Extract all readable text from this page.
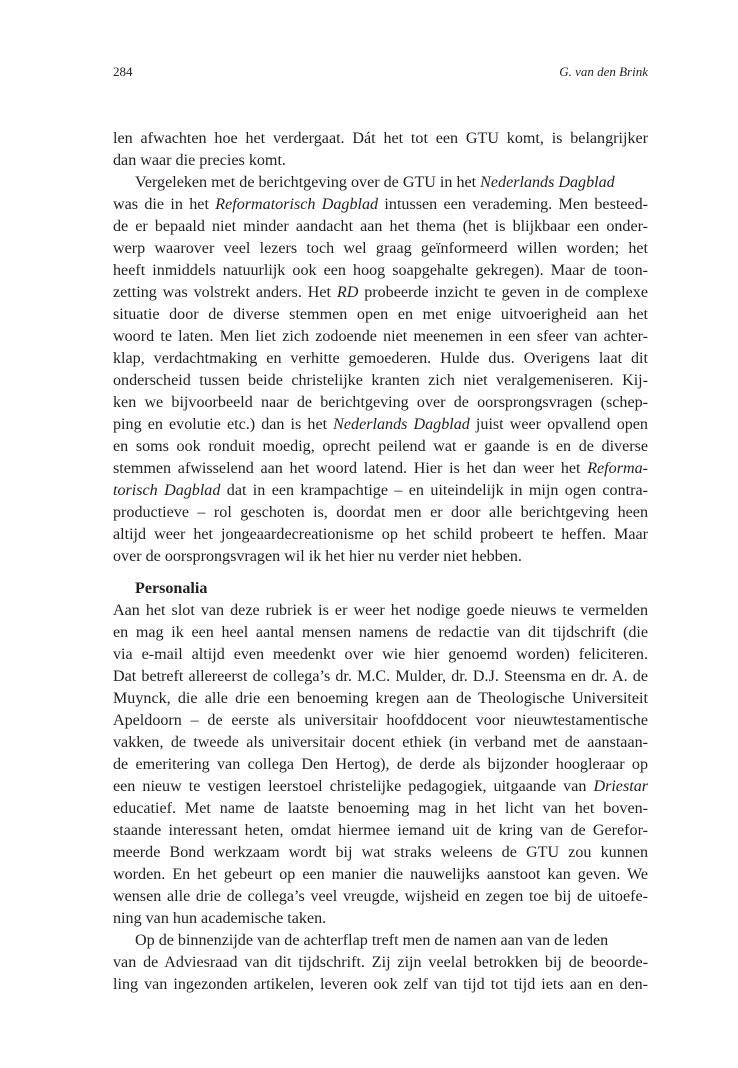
284	G. van den Brink
len afwachten hoe het verdergaat. Dát het tot een GTU komt, is belangrijker
dan waar die precies komt.
Vergeleken met de berichtgeving over de GTU in het Nederlands Dagblad
was die in het Reformatorisch Dagblad intussen een verademing. Men besteed-
de er bepaald niet minder aandacht aan het thema (het is blijkbaar een onder-
werp waarover veel lezers toch wel graag geïnformeerd willen worden; het
heeft inmiddels natuurlijk ook een hoog soapgehalte gekregen). Maar de toon-
zetting was volstrekt anders. Het RD probeerde inzicht te geven in de complexe
situatie door de diverse stemmen open en met enige uitvoerigheid aan het
woord te laten. Men liet zich zodoende niet meenemen in een sfeer van achter-
klap, verdachtmaking en verhitte gemoederen. Hulde dus. Overigens laat dit
onderscheid tussen beide christelijke kranten zich niet veralgemeniseren. Kij-
ken we bijvoorbeeld naar de berichtgeving over de oorsprongsvragen (schep-
ping en evolutie etc.) dan is het Nederlands Dagblad juist weer opvallend open
en soms ook ronduit moedig, oprecht peilend wat er gaande is en de diverse
stemmen afwisselend aan het woord latend. Hier is het dan weer het Reforma-
torisch Dagblad dat in een krampachtige – en uiteindelijk in mijn ogen contra-
productieve – rol geschoten is, doordat men er door alle berichtgeving heen
altijd weer het jongeaardecreationisme op het schild probeert te heffen. Maar
over de oorsprongsvragen wil ik het hier nu verder niet hebben.
Personalia
Aan het slot van deze rubriek is er weer het nodige goede nieuws te vermelden
en mag ik een heel aantal mensen namens de redactie van dit tijdschrift (die
via e-mail altijd even meedenkt over wie hier genoemd worden) feliciteren.
Dat betreft allereerst de collega’s dr. M.C. Mulder, dr. D.J. Steensma en dr. A. de
Muynck, die alle drie een benoeming kregen aan de Theologische Universiteit
Apeldoorn – de eerste als universitair hoofddocent voor nieuwtestamentische
vakken, de tweede als universitair docent ethiek (in verband met de aanstaan-
de emeritering van collega Den Hertog), de derde als bijzonder hoogleraar op
een nieuw te vestigen leerstoel christelijke pedagogiek, uitgaande van Driestar
educatief. Met name de laatste benoeming mag in het licht van het boven-
staande interessant heten, omdat hiermee iemand uit de kring van de Gerefor-
meerde Bond werkzaam wordt bij wat straks weleens de GTU zou kunnen
worden. En het gebeurt op een manier die nauwelijks aanstoot kan geven. We
wensen alle drie de collega’s veel vreugde, wijsheid en zegen toe bij de uitoefe-
ning van hun academische taken.
Op de binnenzijde van de achterflap treft men de namen aan van de leden
van de Adviesraad van dit tijdschrift. Zij zijn veelal betrokken bij de beoorde-
ling van ingezonden artikelen, leveren ook zelf van tijd tot tijd iets aan en den-
